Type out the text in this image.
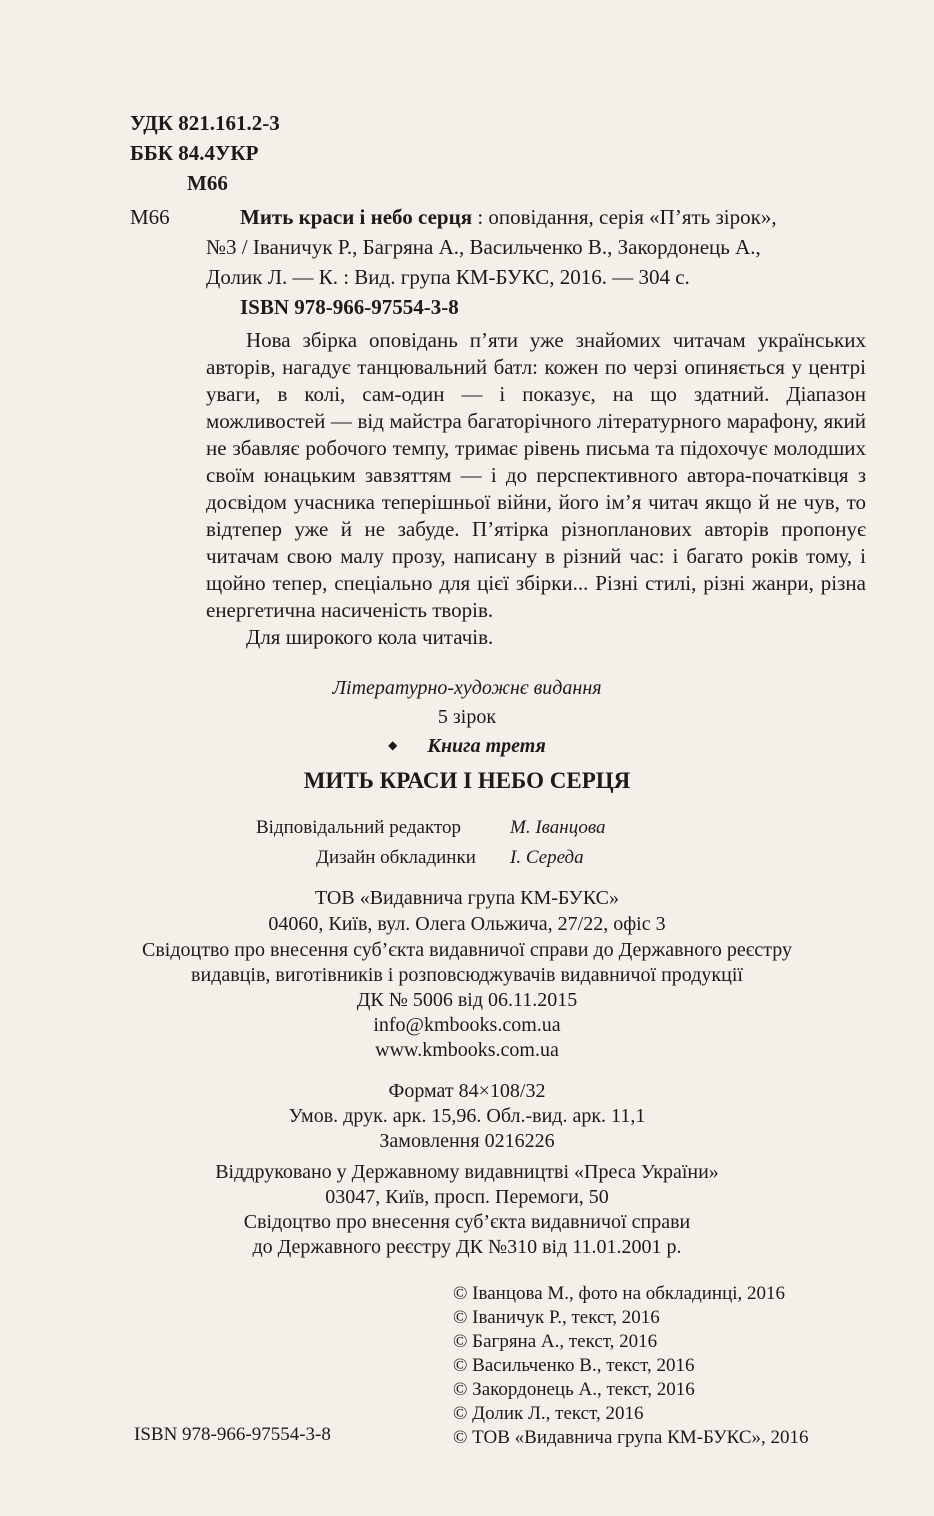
УДК 821.161.2-3
ББК 84.4УКР
М66
М66	Мить краси і небо серця : оповідання, серія «П’ять зірок»,
№3 / Іваничук Р., Багряна А., Васильченко В., Закордонець А.,
Долик Л. — К. : Вид. група КМ-БУКС, 2016. — 304 с.
ISBN 978-966-97554-3-8

Нова збірка оповідань п’яти уже знайомих читачам українських авторів, нагадує танцювальний батл: кожен по черзі опиняється у центрі уваги, в колі, сам-один — і показує, на що здатний. Діапазон можливостей — від майстра багаторічного літературного марафону, який не збавляє робочого темпу, тримає рівень письма та підохочує молодших своїм юнацьким завзяттям — і до перспективного автора-початківця з досвідом учасника теперішньої війни, його ім’я читач якщо й не чув, то відтепер уже й не забуде. П’ятірка різнопланових авторів пропонує читачам свою малу прозу, написану в різний час: і багато років тому, і щойно тепер, спеціально для цієї збірки... Різні стилі, різні жанри, різна енергетична насиченість творів.

Для широкого кола читачів.

Літературно-художнє видання
5 зірок
◆ Книга третя
МИТЬ КРАСИ І НЕБО СЕРЦЯ
Відповідальний редактор	М. Іванцова
Дизайн обкладинки І. Середа
ТОВ «Видавнича група КМ-БУКС»
04060, Київ, вул. Олега Ольжича, 27/22, офіс 3
Свідоцтво про внесення суб’єкта видавничої справи до Державного реєстру
видавців, виготівників і розповсюджувачів видавничої продукції
ДК № 5006 від 06.11.2015
info@kmbooks.com.ua
www.kmbooks.com.ua
Формат 84×108/32
Умов. друк. арк. 15,96. Обл.-вид. арк. 11,1
Замовлення 0216226
Віддруковано у Державному видавництві «Преса України»
03047, Київ, просп. Перемоги, 50
Свідоцтво про внесення суб’єкта видавничої справи
до Державного реєстру ДК №310 від 11.01.2001 р.
© Іванцова М., фото на обкладинці, 2016
© Іваничук Р., текст, 2016
© Багряна А., текст, 2016
© Васильченко В., текст, 2016
© Закордонець А., текст, 2016
© Долик Л., текст, 2016
© ТОВ «Видавнича група КМ-БУКС», 2016
ISBN 978-966-97554-3-8
